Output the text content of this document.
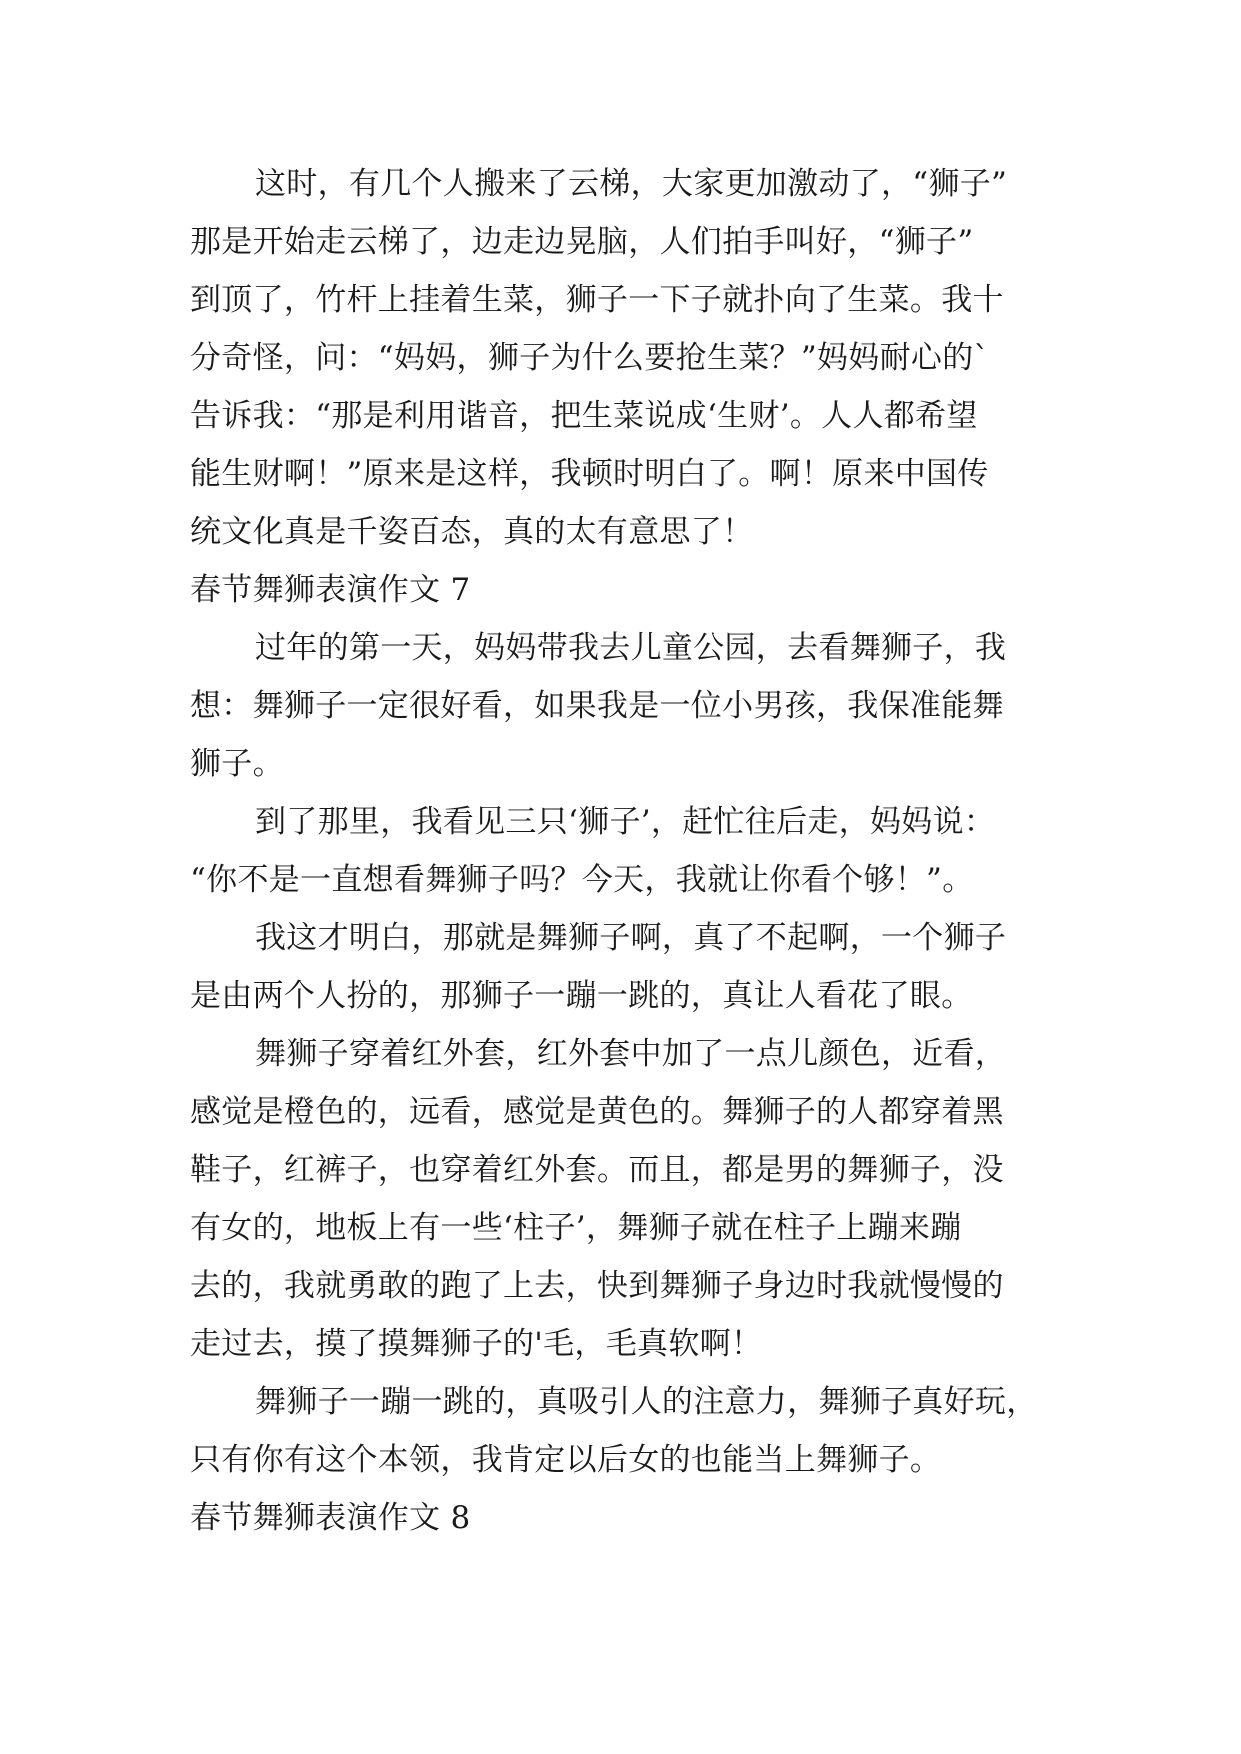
这时，有几个人搬来了云梯，大家更加激动了，“狮子”
那是开始走云梯了，边走边晃脑，人们拍手叫好，“狮子”
到顶了，竹杆上挂着生菜，狮子一下子就扑向了生菜。我十
分奇怪，问：“妈妈，狮子为什么要抢生菜？”妈妈耐心的`
告诉我：“那是利用谐音，把生菜说成‘生财’。人人都希望
能生财啊！”原来是这样，我顿时明白了。啊！原来中国传
统文化真是千姿百态，真的太有意思了！
春节舞狮表演作文 7
过年的第一天，妈妈带我去儿童公园，去看舞狮子，我
想：舞狮子一定很好看，如果我是一位小男孩，我保准能舞
狮子。
到了那里，我看见三只‘狮子’，赶忙往后走，妈妈说：
“你不是一直想看舞狮子吗？今天，我就让你看个够！”。
我这才明白，那就是舞狮子啊，真了不起啊，一个狮子
是由两个人扮的，那狮子一蹦一跳的，真让人看花了眼。
舞狮子穿着红外套，红外套中加了一点儿颜色，近看，
感觉是橙色的，远看，感觉是黄色的。舞狮子的人都穿着黑
鞋子，红裤子，也穿着红外套。而且，都是男的舞狮子，没
有女的，地板上有一些‘柱子’，舞狮子就在柱子上蹦来蹦
去的，我就勇敢的跑了上去，快到舞狮子身边时我就慢慢的
走过去，摸了摸舞狮子的'毛，毛真软啊！
舞狮子一蹦一跳的，真吸引人的注意力，舞狮子真好玩，
只有你有这个本领，我肯定以后女的也能当上舞狮子。
春节舞狮表演作文 8
